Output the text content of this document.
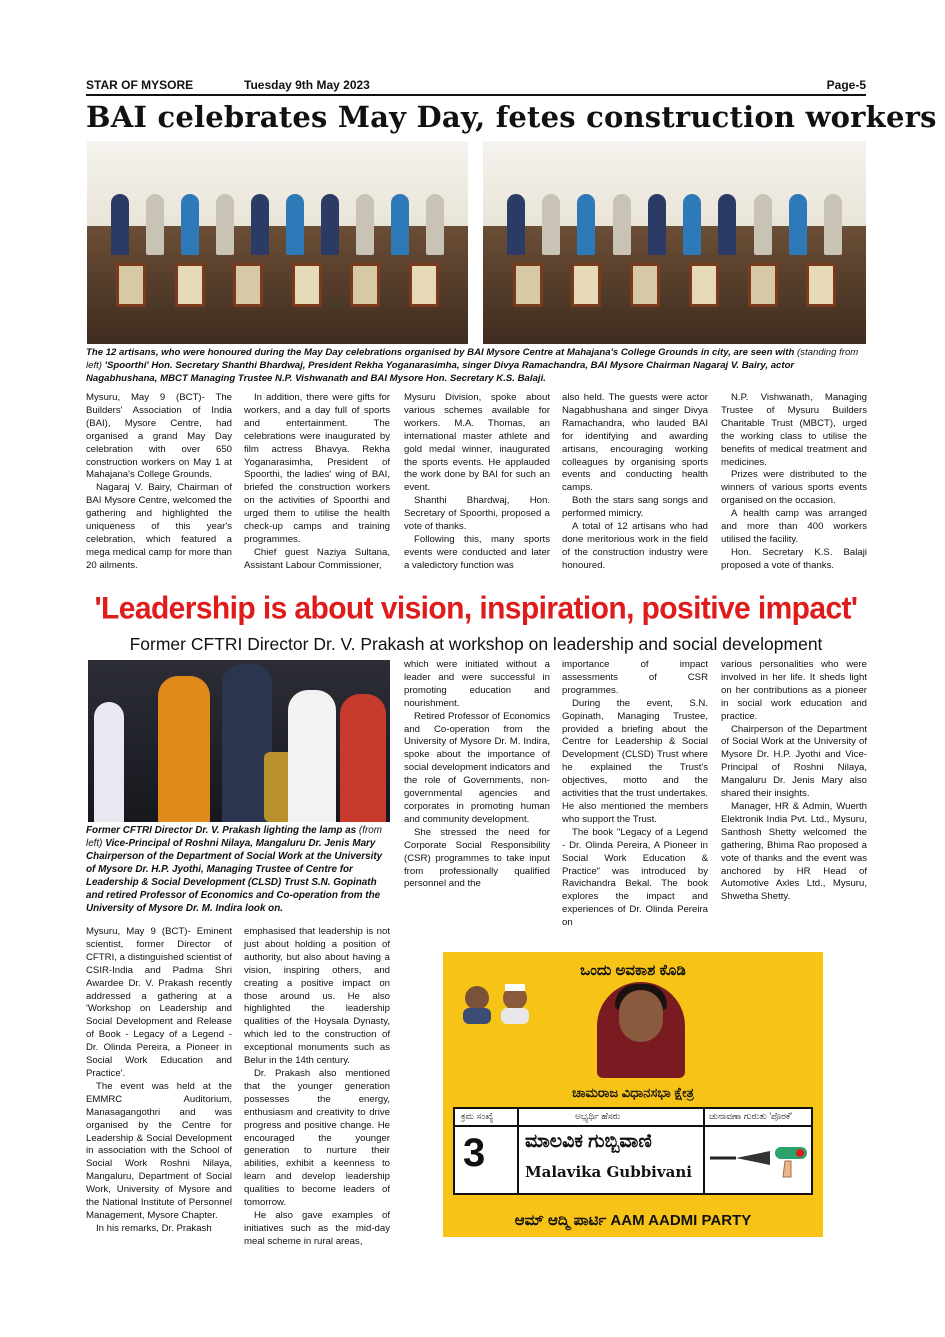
STAR OF MYSORE	Tuesday 9th May 2023	Page-5
BAI celebrates May Day, fetes construction workers
The 12 artisans, who were honoured during the May Day celebrations organised by BAI Mysore Centre at Mahajana's College Grounds in city, are seen with (standing from left) 'Spoorthi' Hon. Secretary Shanthi Bhardwaj, President Rekha Yoganarasimha, singer Divya Ramachandra, BAI Mysore Chairman Nagaraj V. Bairy, actor Nagabhushana, MBCT Managing Trustee N.P. Vishwanath and BAI Mysore Hon. Secretary K.S. Balaji.

Mysuru, May 9 (BCT)- The Builders' Association of India (BAI), Mysore Centre, had organised a grand May Day celebration with over 650 construction workers on May 1 at Mahajana's College Grounds.

Nagaraj V. Bairy, Chairman of BAI Mysore Centre, welcomed the gathering and highlighted the uniqueness of this year's celebration, which featured a mega medical camp for more than 20 ailments.

In addition, there were gifts for workers, and a day full of sports and entertainment. The celebrations were inaugurated by film actress Bhavya. Rekha Yoganarasimha, President of Spoorthi, the ladies' wing of BAI, briefed the construction workers on the activities of Spoorthi and urged them to utilise the health check-up camps and training programmes.

Chief guest Naziya Sultana, Assistant Labour Commissioner,

Mysuru Division, spoke about various schemes available for workers. M.A. Thomas, an international master athlete and gold medal winner, inaugurated the sports events. He applauded the work done by BAI for such an event.

Shanthi Bhardwaj, Hon. Secretary of Spoorthi, proposed a vote of thanks.

Following this, many sports events were conducted and later a valedictory function was

also held. The guests were actor Nagabhushana and singer Divya Ramachandra, who lauded BAI for identifying and awarding artisans, encouraging working colleagues by organising sports events and conducting health camps.

Both the stars sang songs and performed mimicry.

A total of 12 artisans who had done meritorious work in the field of the construction industry were honoured.

N.P. Vishwanath, Managing Trustee of Mysuru Builders Charitable Trust (MBCT), urged the working class to utilise the benefits of medical treatment and medicines.

Prizes were distributed to the winners of various sports events organised on the occasion.

A health camp was arranged and more than 400 workers utilised the facility.

Hon. Secretary K.S. Balaji proposed a vote of thanks.

'Leadership is about vision, inspiration, positive impact'
Former CFTRI Director Dr. V. Prakash at workshop on leadership and social development
Former CFTRI Director Dr. V. Prakash lighting the lamp as (from left) Vice-Principal of Roshni Nilaya, Mangaluru Dr. Jenis Mary Chairperson of the Department of Social Work at the University of Mysore Dr. H.P. Jyothi, Managing Trustee of Centre for Leadership & Social Development (CLSD) Trust S.N. Gopinath and retired Professor of Economics and Co-operation from the University of Mysore Dr. M. Indira look on.

Mysuru, May 9 (BCT)- Eminent scientist, former Director of CFTRI, a distinguished scientist of CSIR-India and Padma Shri Awardee Dr. V. Prakash recently addressed a gathering at a 'Workshop on Leadership and Social Development and Release of Book - Legacy of a Legend - Dr. Olinda Pereira, a Pioneer in Social Work Education and Practice'.

The event was held at the EMMRC Auditorium, Manasagangothri and was organised by the Centre for Leadership & Social Development in association with the School of Social Work Roshni Nilaya, Mangaluru, Department of Social Work, University of Mysore and the National Institute of Personnel Management, Mysore Chapter.

In his remarks, Dr. Prakash

emphasised that leadership is not just about holding a position of authority, but also about having a vision, inspiring others, and creating a positive impact on those around us. He also highlighted the leadership qualities of the Hoysala Dynasty, which led to the construction of exceptional monuments such as Belur in the 14th century.

Dr. Prakash also mentioned that the younger generation possesses the energy, enthusiasm and creativity to drive progress and positive change. He encouraged the younger generation to nurture their abilities, exhibit a keenness to learn and develop leadership qualities to become leaders of tomorrow.

He also gave examples of initiatives such as the mid-day meal scheme in rural areas,

which were initiated without a leader and were successful in promoting education and nourishment.

Retired Professor of Economics and Co-operation from the University of Mysore Dr. M. Indira, spoke about the importance of social development indicators and the role of Governments, non-governmental agencies and corporates in promoting human and community development.

She stressed the need for Corporate Social Responsibility (CSR) programmes to take input from professionally qualified personnel and the

importance of impact assessments of CSR programmes.

During the event, S.N. Gopinath, Managing Trustee, provided a briefing about the Centre for Leadership & Social Development (CLSD) Trust where he explained the Trust's objectives, motto and the activities that the trust undertakes. He also mentioned the members who support the Trust.

The book "Legacy of a Legend - Dr. Olinda Pereira, A Pioneer in Social Work Education & Practice" was introduced by Ravichandra Bekal. The book explores the impact and experiences of Dr. Olinda Pereira on

various personalities who were involved in her life. It sheds light on her contributions as a pioneer in social work education and practice.

Chairperson of the Department of Social Work at the University of Mysore Dr. H.P. Jyothi and Vice-Principal of Roshni Nilaya, Mangaluru Dr. Jenis Mary also shared their insights.

Manager, HR & Admin, Wuerth Elektronik India Pvt. Ltd., Mysuru, Santhosh Shetty welcomed the gathering, Bhima Rao proposed a vote of thanks and the event was anchored by HR Head of Automotive Axles Ltd., Mysuru, Shwetha Shetty.

ಒಂದು ಅವಕಾಶ ಕೊಡಿ
ಚಾಮರಾಜ ವಿಧಾನಸಭಾ ಕ್ಷೇತ್ರ
ಕ್ರಮ ಸಂಖ್ಯೆ	ಅಭ್ಯರ್ಥಿ ಹೆಸರು	ಚುನಾವಣಾ ಗುರುತು 'ಪೊರಕೆ'
3 ಮಾಲವಿಕ ಗುಬ್ಬಿವಾಣಿ
Malavika Gubbivani
ಆಮ್ ಆದ್ಮಿ ಪಾರ್ಟಿ AAM AADMI PARTY
